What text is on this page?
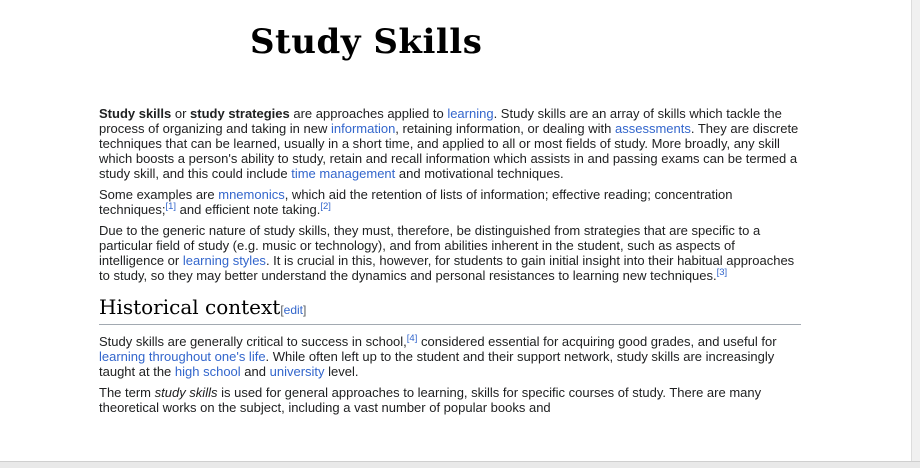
Study Skills

Study skills or study strategies are approaches applied to learning. Study skills are an array of skills which tackle the process of organizing and taking in new information, retaining information, or dealing with assessments. They are discrete techniques that can be learned, usually in a short time, and applied to all or most fields of study. More broadly, any skill which boosts a person's ability to study, retain and recall information which assists in and passing exams can be termed a study skill, and this could include time management and motivational techniques.

Some examples are mnemonics, which aid the retention of lists of information; effective reading; concentration techniques;[1] and efficient note taking.[2]

Due to the generic nature of study skills, they must, therefore, be distinguished from strategies that are specific to a particular field of study (e.g. music or technology), and from abilities inherent in the student, such as aspects of intelligence or learning styles. It is crucial in this, however, for students to gain initial insight into their habitual approaches to study, so they may better understand the dynamics and personal resistances to learning new techniques.[3]

Historical context[edit]

Study skills are generally critical to success in school,[4] considered essential for acquiring good grades, and useful for learning throughout one's life. While often left up to the student and their support network, study skills are increasingly taught at the high school and university level.

The term study skills is used for general approaches to learning, skills for specific courses of study. There are many theoretical works on the subject, including a vast number of popular books and
